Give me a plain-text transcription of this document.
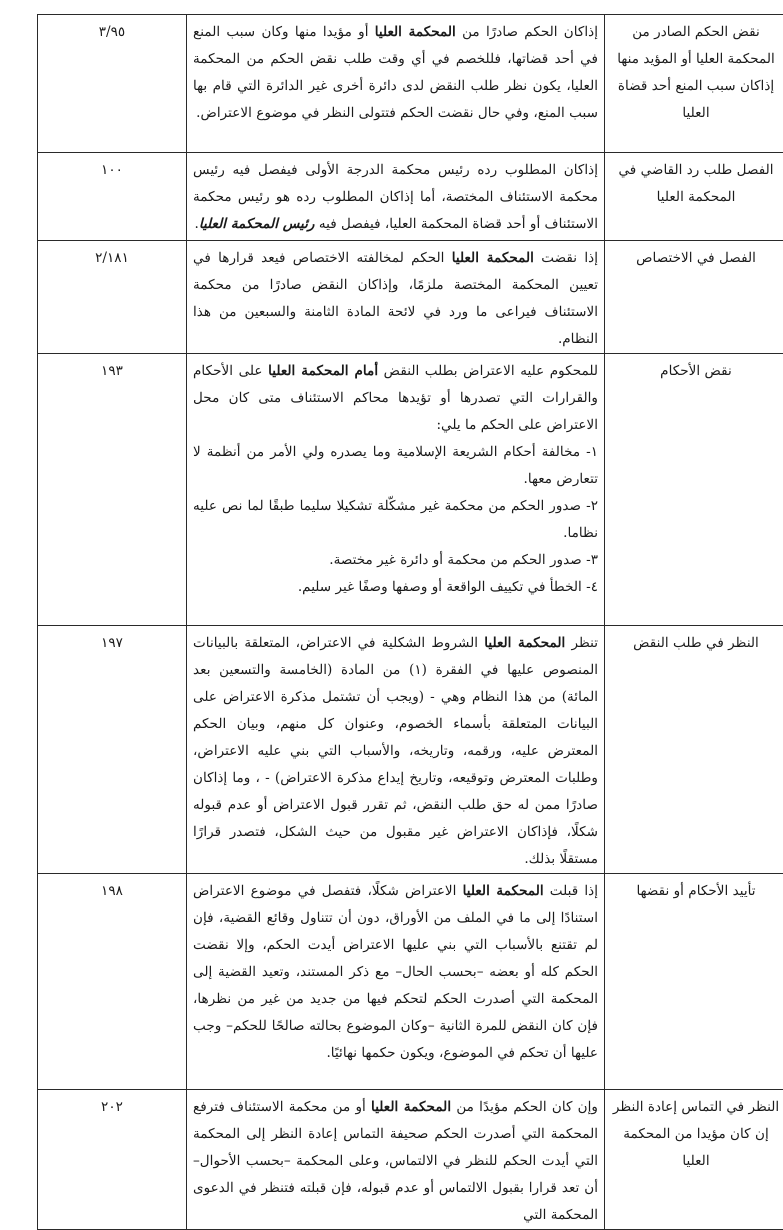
نقض الحكم الصادر من المحكمة العليا أو المؤيد منها إذاكان سبب المنع أحد قضاة العليا	إذاكان الحكم صادرًا من المحكمة العليا أو مؤيدا منها وكان سبب المنع في أحد قضاتها، فللخصم في أي وقت طلب نقض الحكم من المحكمة العليا، يكون نظر طلب النقض لدى دائرة أخرى غير الدائرة التي قام بها سبب المنع، وفي حال نقضت الحكم فتتولى النظر في موضوع الاعتراض.	٣/٩٥
الفصل طلب رد القاضي في المحكمة العليا	إذاكان المطلوب رده رئيس محكمة الدرجة الأولى فيفصل فيه رئيس محكمة الاستئناف المختصة، أما إذاكان المطلوب رده هو رئيس محكمة الاستئناف أو أحد قضاة المحكمة العليا، فيفصل فيه رئيس المحكمة العليا.	١٠٠
الفصل في الاختصاص	إذا نقضت المحكمة العليا الحكم لمخالفته الاختصاص فيعد قرارها في تعيين المحكمة المختصة ملزمًا، وإذاكان النقض صادرًا من محكمة الاستئناف فيراعى ما ورد في لائحة المادة الثامنة والسبعين من هذا النظام.	٢/١٨١
نقض الأحكام	للمحكوم عليه الاعتراض بطلب النقض أمام المحكمة العليا على الأحكام والقرارات التي تصدرها أو تؤيدها محاكم الاستئناف متى كان محل الاعتراض على الحكم ما يلي:
١- مخالفة أحكام الشريعة الإسلامية وما يصدره ولي الأمر من أنظمة لا تتعارض معها.
٢- صدور الحكم من محكمة غير مشكّلة تشكيلا سليما طبقًا لما نص عليه نظاما.
٣- صدور الحكم من محكمة أو دائرة غير مختصة.
٤- الخطأ في تكييف الواقعة أو وصفها وصفًا غير سليم.	١٩٣
النظر في طلب النقض	تنظر المحكمة العليا الشروط الشكلية في الاعتراض، المتعلقة بالبيانات المنصوص عليها في الفقرة (١) من المادة (الخامسة والتسعين بعد المائة) من هذا النظام وهي - (ويجب أن تشتمل مذكرة الاعتراض على البيانات المتعلقة بأسماء الخصوم، وعنوان كل منهم، وبيان الحكم المعترض عليه، ورقمه، وتاريخه، والأسباب التي بني عليه الاعتراض، وطلبات المعترض وتوقيعه، وتاريخ إيداع مذكرة الاعتراض) - ، وما إذاكان صادرًا ممن له حق طلب النقض، ثم تقرر قبول الاعتراض أو عدم قبوله شكلًا، فإذاكان الاعتراض غير مقبول من حيث الشكل، فتصدر قرارًا مستقلًا بذلك.	١٩٧
تأييد الأحكام أو نقضها	إذا قبلت المحكمة العليا الاعتراض شكلًا، فتفصل في موضوع الاعتراض استنادًا إلى ما في الملف من الأوراق، دون أن تتناول وقائع القضية، فإن لم تقتنع بالأسباب التي بني عليها الاعتراض أيدت الحكم، وإلا نقضت الحكم كله أو بعضه –بحسب الحال– مع ذكر المستند، وتعيد القضية إلى المحكمة التي أصدرت الحكم لتحكم فيها من جديد من غير من نظرها، فإن كان النقض للمرة الثانية –وكان الموضوع بحالته صالحًا للحكم– وجب عليها أن تحكم في الموضوع، ويكون حكمها نهائيًا.	١٩٨
النظر في التماس إعادة النظر إن كان مؤيدا من المحكمة العليا	وإن كان الحكم مؤيدًا من المحكمة العليا أو من محكمة الاستئناف فترفع المحكمة التي أصدرت الحكم صحيفة التماس إعادة النظر إلى المحكمة التي أيدت الحكم للنظر في الالتماس، وعلى المحكمة –بحسب الأحوال– أن تعد قرارا بقبول الالتماس أو عدم قبوله، فإن قبلته فتنظر في الدعوى المحكمة التي	٢٠٢
